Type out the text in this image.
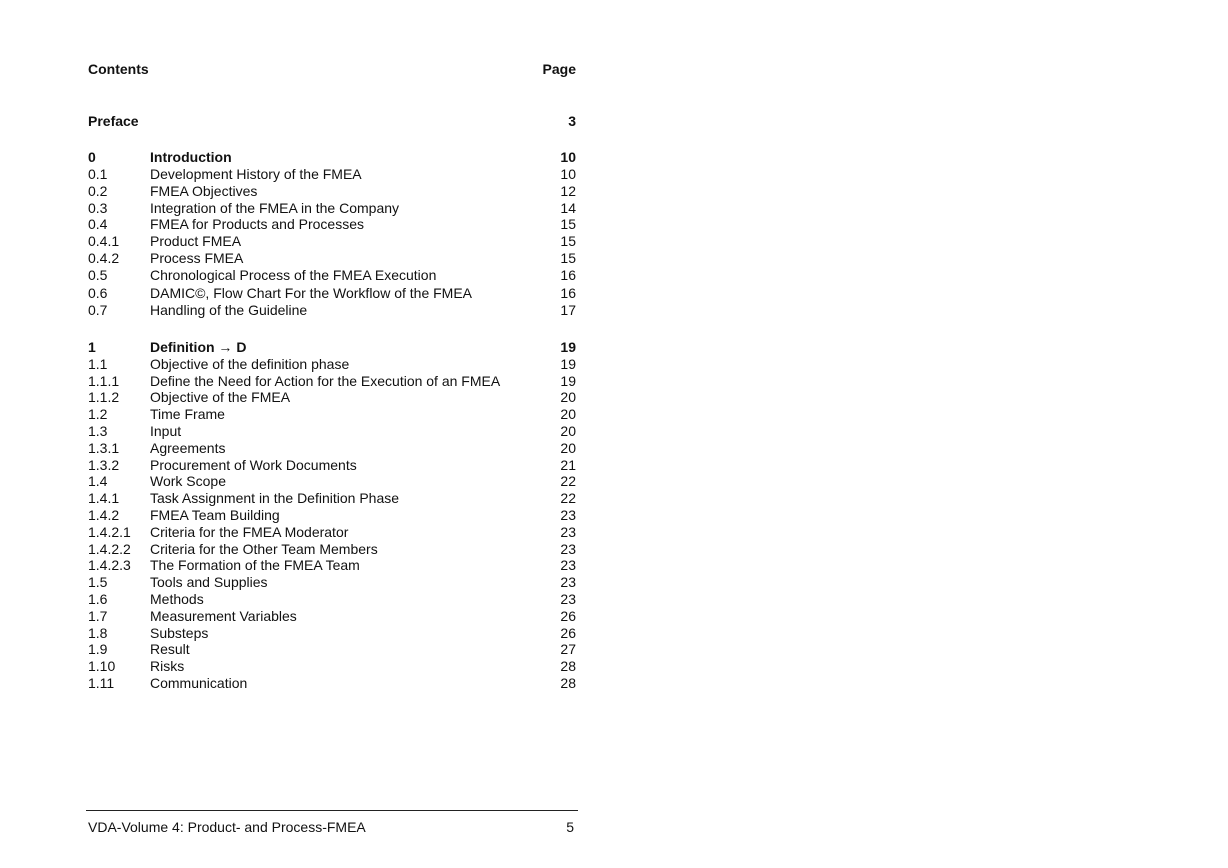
Contents	Page
Preface	3
0	Introduction	10
0.1	Development History of the FMEA	10
0.2	FMEA Objectives	12
0.3	Integration of the FMEA in the Company	14
0.4	FMEA for Products and Processes	15
0.4.1 Product FMEA	15
0.4.2 Process FMEA	15
0.5	Chronological Process of the FMEA Execution	16
0.6	DAMIC©, Flow Chart For the Workflow of the FMEA	16
0.7	Handling of the Guideline	17
1	Definition → D	19
1.1	Objective of the definition phase	19
1.1.1 Define the Need for Action for the Execution of an FMEA	19
1.1.2 Objective of the FMEA	20
1.2	Time Frame	20
1.3	Input	20
1.3.1 Agreements	20
1.3.2 Procurement of Work Documents	21
1.4	Work Scope	22
1.4.1 Task Assignment in the Definition Phase	22
1.4.2 FMEA Team Building	23
1.4.2.1 Criteria for the FMEA Moderator	23
1.4.2.2 Criteria for the Other Team Members	23
1.4.2.3 The Formation of the FMEA Team	23
1.5	Tools and Supplies	23
1.6	Methods	23
1.7	Measurement Variables	26
1.8	Substeps	26
1.9	Result	27
1.10 Risks	28
1.11	Communication	28
VDA-Volume 4: Product- and Process-FMEA	5
